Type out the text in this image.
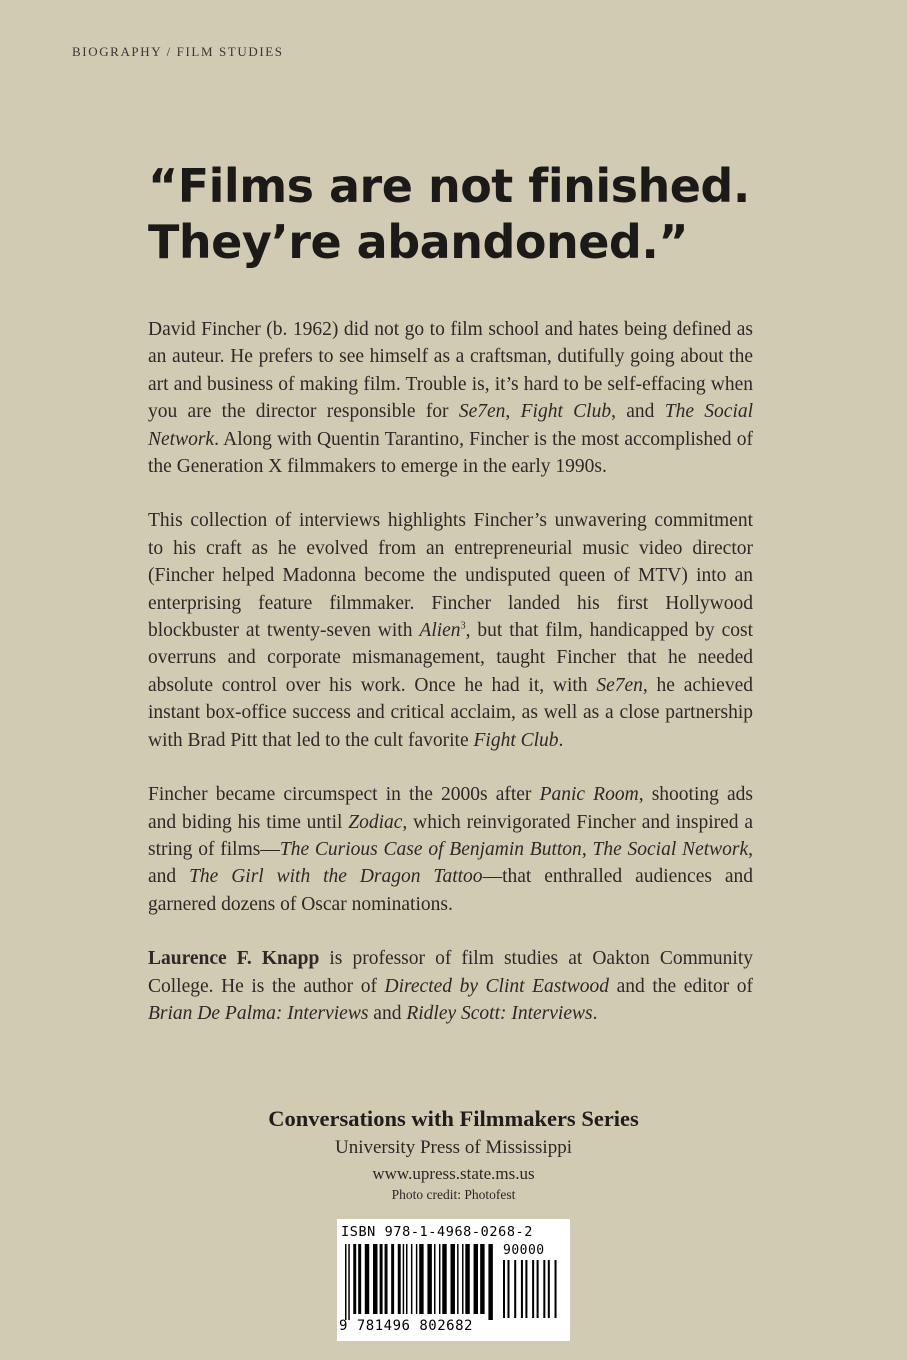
BIOGRAPHY / FILM STUDIES
“Films are not finished.
They’re abandoned.”

David Fincher (b. 1962) did not go to film school and hates being defined as an auteur. He prefers to see himself as a craftsman, dutifully going about the art and business of making film. Trouble is, it’s hard to be self-effacing when you are the director responsible for Se7en, Fight Club, and The Social Network. Along with Quentin Tarantino, Fincher is the most accomplished of the Generation X filmmakers to emerge in the early 1990s.

This collection of interviews highlights Fincher’s unwavering commitment to his craft as he evolved from an entrepreneurial music video director (Fincher helped Madonna become the undisputed queen of MTV) into an enterprising feature filmmaker. Fincher landed his first Hollywood blockbuster at twenty-seven with Alien$^3$, but that film, handicapped by cost overruns and corporate mismanagement, taught Fincher that he needed absolute control over his work. Once he had it, with Se7en, he achieved instant box-office success and critical acclaim, as well as a close partnership with Brad Pitt that led to the cult favorite Fight Club.

Fincher became circumspect in the 2000s after Panic Room, shooting ads and biding his time until Zodiac, which reinvigorated Fincher and inspired a string of films—The Curious Case of Benjamin Button, The Social Network, and The Girl with the Dragon Tattoo—that enthralled audiences and garnered dozens of Oscar nominations.

Laurence F. Knapp is professor of film studies at Oakton Community College. He is the author of Directed by Clint Eastwood and the editor of Brian De Palma: Interviews and Ridley Scott: Interviews.

Conversations with Filmmakers Series
University Press of Mississippi
www.upress.state.ms.us
Photo credit: Photofest
ISBN 978-1-4968-0268-2
90000
9 781496 802682
